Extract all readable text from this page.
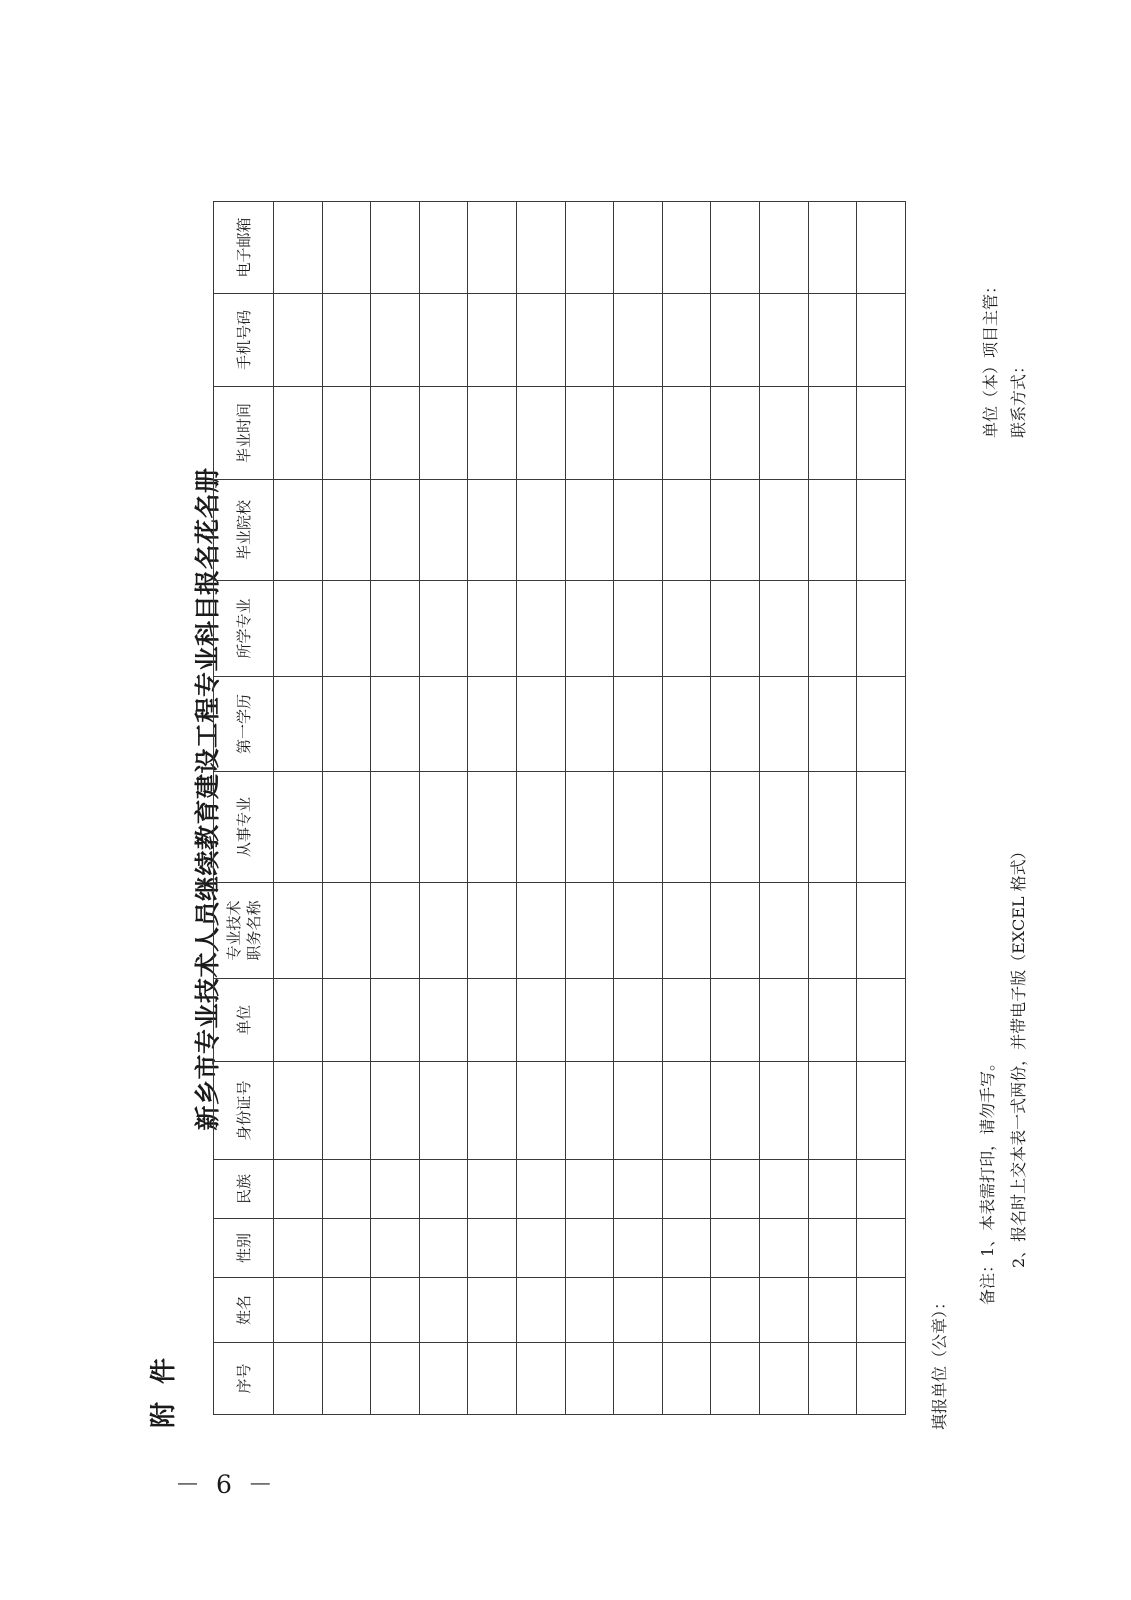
附件
新乡市专业技术人员继续教育建设工程专业科目报名花名册
序号	姓名	性别	民族	身份证号	单位	专业技术职务名称	从事专业	第一学历	所学专业	毕业院校	毕业时间	手机号码	电子邮箱

填报单位（公章）：
备注：1、本表需打印，请勿手写。 2、报名时上交本表一式两份，并带电子版（EXCEL 格式）
单位（本）项目主管： 联系方式：
－ 6 －
